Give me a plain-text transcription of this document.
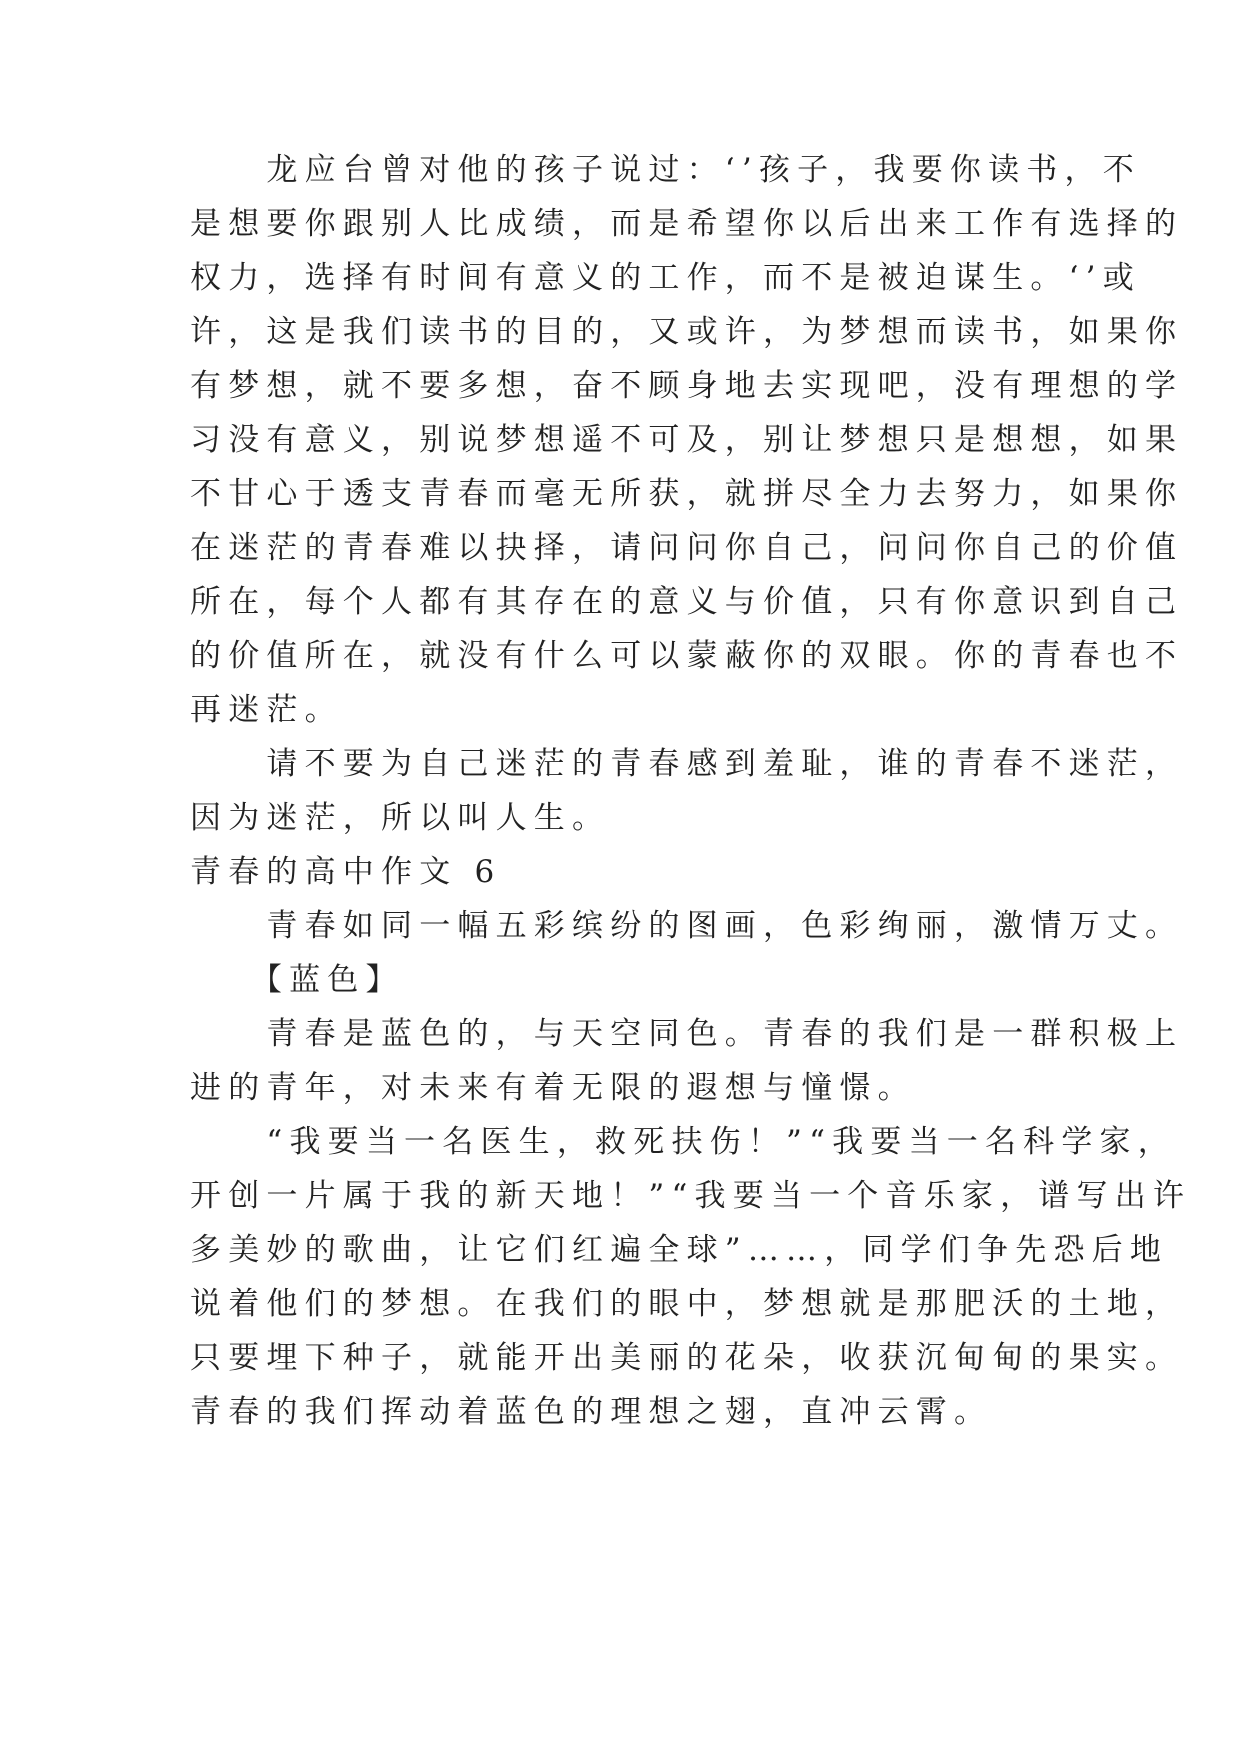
　　龙应台曾对他的孩子说过：‘’孩子，我要你读书，不
是想要你跟别人比成绩，而是希望你以后出来工作有选择的
权力，选择有时间有意义的工作，而不是被迫谋生。‘’或
许，这是我们读书的目的，又或许，为梦想而读书，如果你
有梦想，就不要多想，奋不顾身地去实现吧，没有理想的学
习没有意义，别说梦想遥不可及，别让梦想只是想想，如果
不甘心于透支青春而毫无所获，就拼尽全力去努力，如果你
在迷茫的青春难以抉择，请问问你自己，问问你自己的价值
所在，每个人都有其存在的意义与价值，只有你意识到自己
的价值所在，就没有什么可以蒙蔽你的双眼。你的青春也不
再迷茫。
　　请不要为自己迷茫的青春感到羞耻，谁的青春不迷茫，
因为迷茫，所以叫人生。
青春的高中作文 6
　　青春如同一幅五彩缤纷的图画，色彩绚丽，激情万丈。
　　【蓝色】
　　青春是蓝色的，与天空同色。青春的我们是一群积极上
进的青年，对未来有着无限的遐想与憧憬。
　　“我要当一名医生，救死扶伤！”“我要当一名科学家，
开创一片属于我的新天地！”“我要当一个音乐家，谱写出许
多美妙的歌曲，让它们红遍全球”……，同学们争先恐后地
说着他们的梦想。在我们的眼中，梦想就是那肥沃的土地，
只要埋下种子，就能开出美丽的花朵，收获沉甸甸的果实。
青春的我们挥动着蓝色的理想之翅，直冲云霄。
